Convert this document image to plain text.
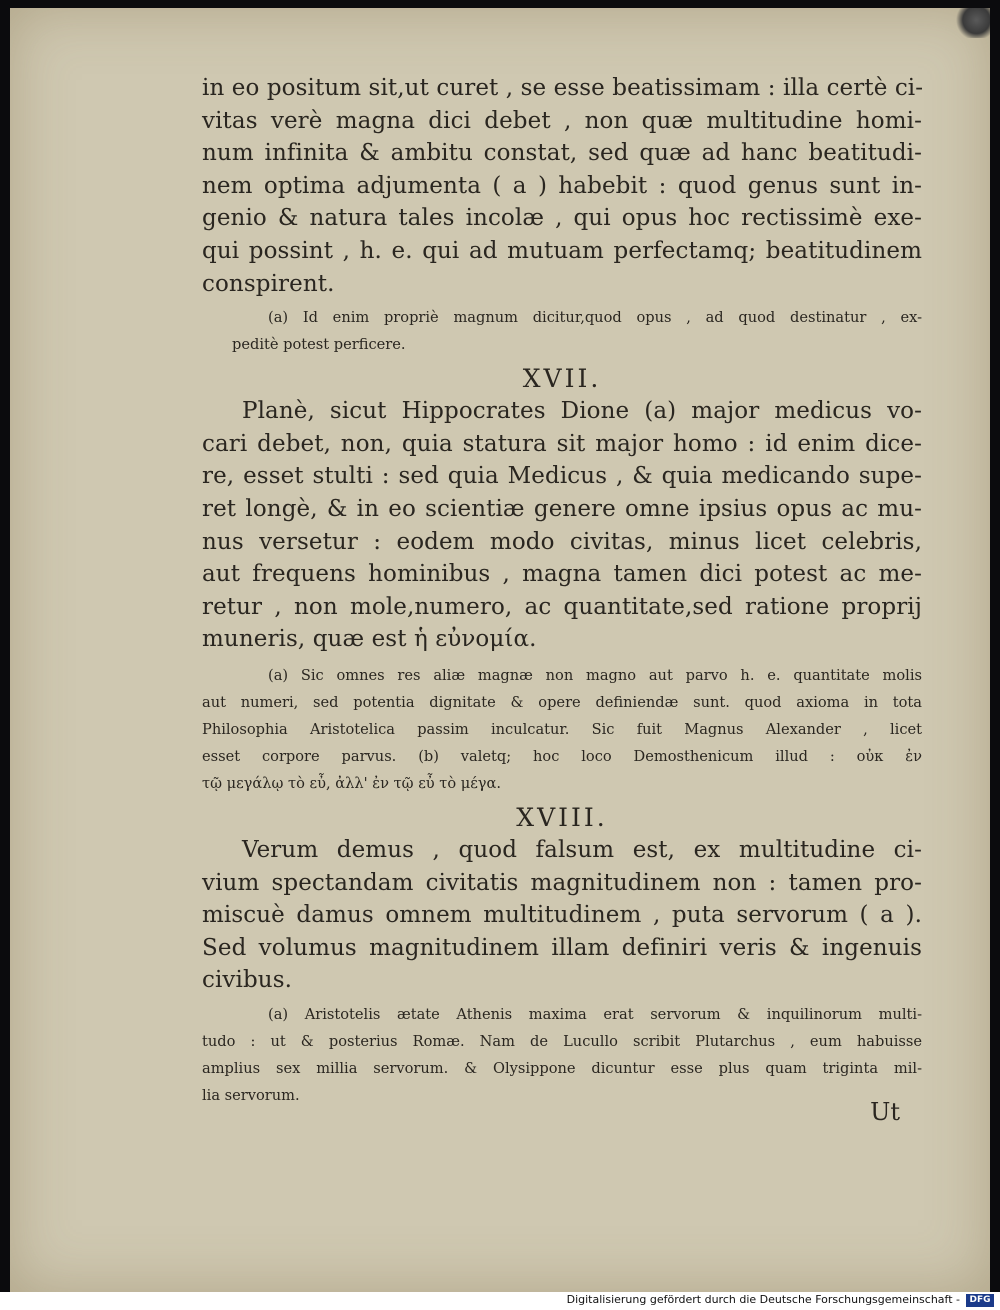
in eo positum sit,ut curet , se esse beatissimam : illa certè ci-
vitas verè magna dici debet , non quæ multitudine homi-
num infinita & ambitu constat, sed quæ ad hanc beatitudi-
nem optima adjumenta ( a ) habebit : quod genus sunt in-
genio & natura tales incolæ , qui opus hoc rectissimè exe-
qui possint , h. e. qui ad mutuam perfectamq; beatitudinem
conspirent.
(a) Id enim propriè magnum dicitur,quod opus , ad quod destinatur , ex-
peditè potest perficere.
XVII.
Planè, sicut Hippocrates Dione (a) major medicus vo-
cari debet, non, quia statura sit major homo : id enim dice-
re, esset stulti : sed quia Medicus , & quia medicando supe-
ret longè, & in eo scientiæ genere omne ipsius opus ac mu-
nus versetur : eodem modo civitas, minus licet celebris,
aut frequens hominibus , magna tamen dici potest ac me-
retur , non mole,numero, ac quantitate,sed ratione proprij
muneris, quæ est ἡ εὐνομία.
(a) Sic omnes res aliæ magnæ non magno aut parvo h. e. quantitate molis
aut numeri, sed potentia dignitate & opere definiendæ sunt. quod axioma in tota
Philosophia Aristotelica passim inculcatur. Sic fuit Magnus Alexander , licet
esset corpore parvus. (b) valetq; hoc loco Demosthenicum illud : οὐκ ἐν
τῷ μεγάλῳ τὸ εὖ, ἀλλ' ἐν τῷ εὖ τὸ μέγα.
XVIII.
Verum demus , quod falsum est, ex multitudine ci-
vium spectandam civitatis magnitudinem non : tamen pro-
miscuè damus omnem multitudinem , puta servorum ( a ).
Sed volumus magnitudinem illam definiri veris & ingenuis
civibus.
(a) Aristotelis ætate Athenis maxima erat servorum & inquilinorum multi-
tudo : ut & posterius Romæ. Nam de Lucullo scribit Plutarchus , eum habuisse
amplius sex millia servorum. & Olysippone dicuntur esse plus quam triginta mil-
lia servorum.
Ut
Digitalisierung gefördert durch die Deutsche Forschungsgemeinschaft -	DFG
